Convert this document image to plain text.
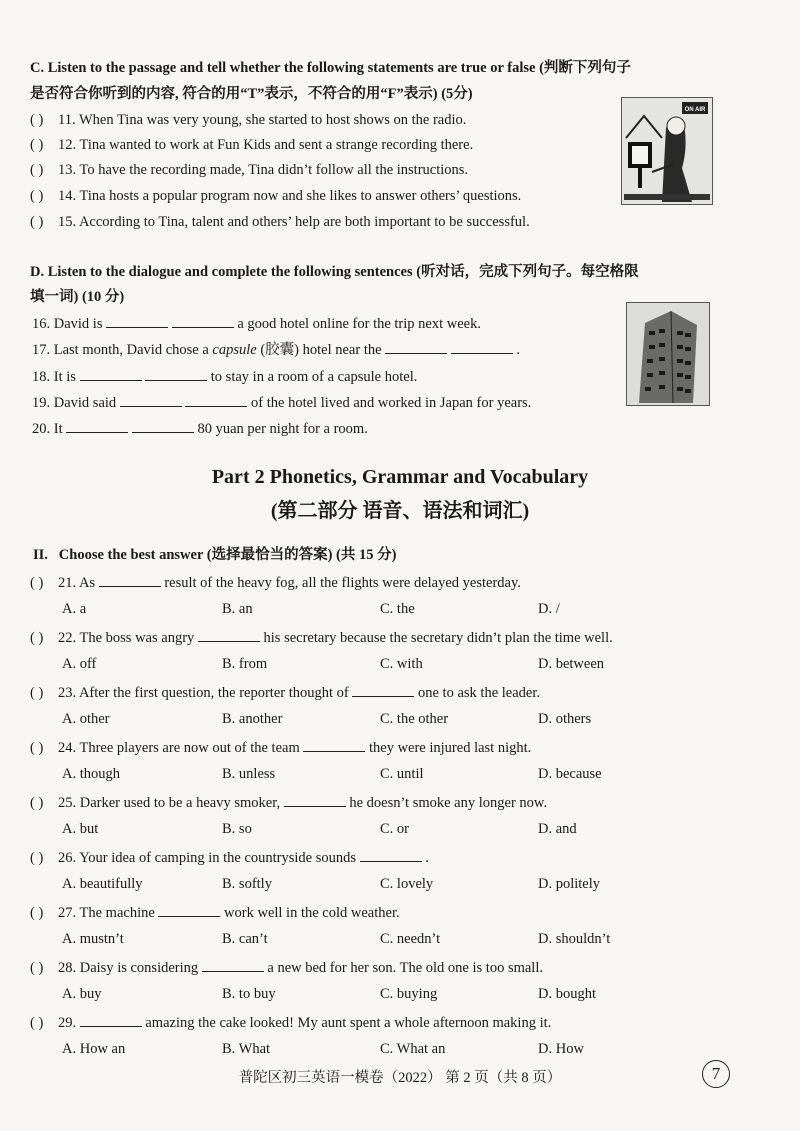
C. Listen to the passage and tell whether the following statements are true or false (判断下列句子
是否符合你听到的内容, 符合的用“T”表示，不符合的用“F”表示) (5分)
( ) 11. When Tina was very young, she started to host shows on the radio.
( ) 12. Tina wanted to work at Fun Kids and sent a strange recording there.
( ) 13. To have the recording made, Tina didn’t follow all the instructions.
( ) 14. Tina hosts a popular program now and she likes to answer others’ questions.
( ) 15. According to Tina, talent and others’ help are both important to be successful.
ON AIR
D. Listen to the dialogue and complete the following sentences (听对话，完成下列句子。每空格限
填一词) (10 分)
16. David is	a good hotel online for the trip next week.
17. Last month, David chose a capsule (胶囊) hotel near the	.
18. It is	to stay in a room of a capsule hotel.
19. David said	of the hotel lived and worked in Japan for years.
20. It	80 yuan per night for a room.
Part 2 Phonetics, Grammar and Vocabulary
(第二部分 语音、语法和词汇)
II. Choose the best answer (选择最恰当的答案) (共 15 分)
( ) 21. As	result of the heavy fog, all the flights were delayed yesterday.
A. a	B. an	C. the	D. /
( ) 22. The boss was angry	his secretary because the secretary didn’t plan the time well.
A. off	B. from	C. with	D. between
( ) 23. After the first question, the reporter thought of	one to ask the leader.
A. other	B. another	C. the other	D. others
( ) 24. Three players are now out of the team	they were injured last night.
A. though	B. unless	C. until	D. because
( ) 25. Darker used to be a heavy smoker,	he doesn’t smoke any longer now.
A. but	B. so	C. or	D. and
( ) 26. Your idea of camping in the countryside sounds	.
A. beautifully	B. softly	C. lovely	D. politely
( ) 27. The machine	work well in the cold weather.
A. mustn’t	B. can’t	C. needn’t	D. shouldn’t
( ) 28. Daisy is considering	a new bed for her son. The old one is too small.
A. buy	B. to buy	C. buying	D. bought
( ) 29.	amazing the cake looked! My aunt spent a whole afternoon making it.
A. How an	B. What	C. What an	D. How
普陀区初三英语一模卷（2022） 第 2 页（共 8 页）	7
